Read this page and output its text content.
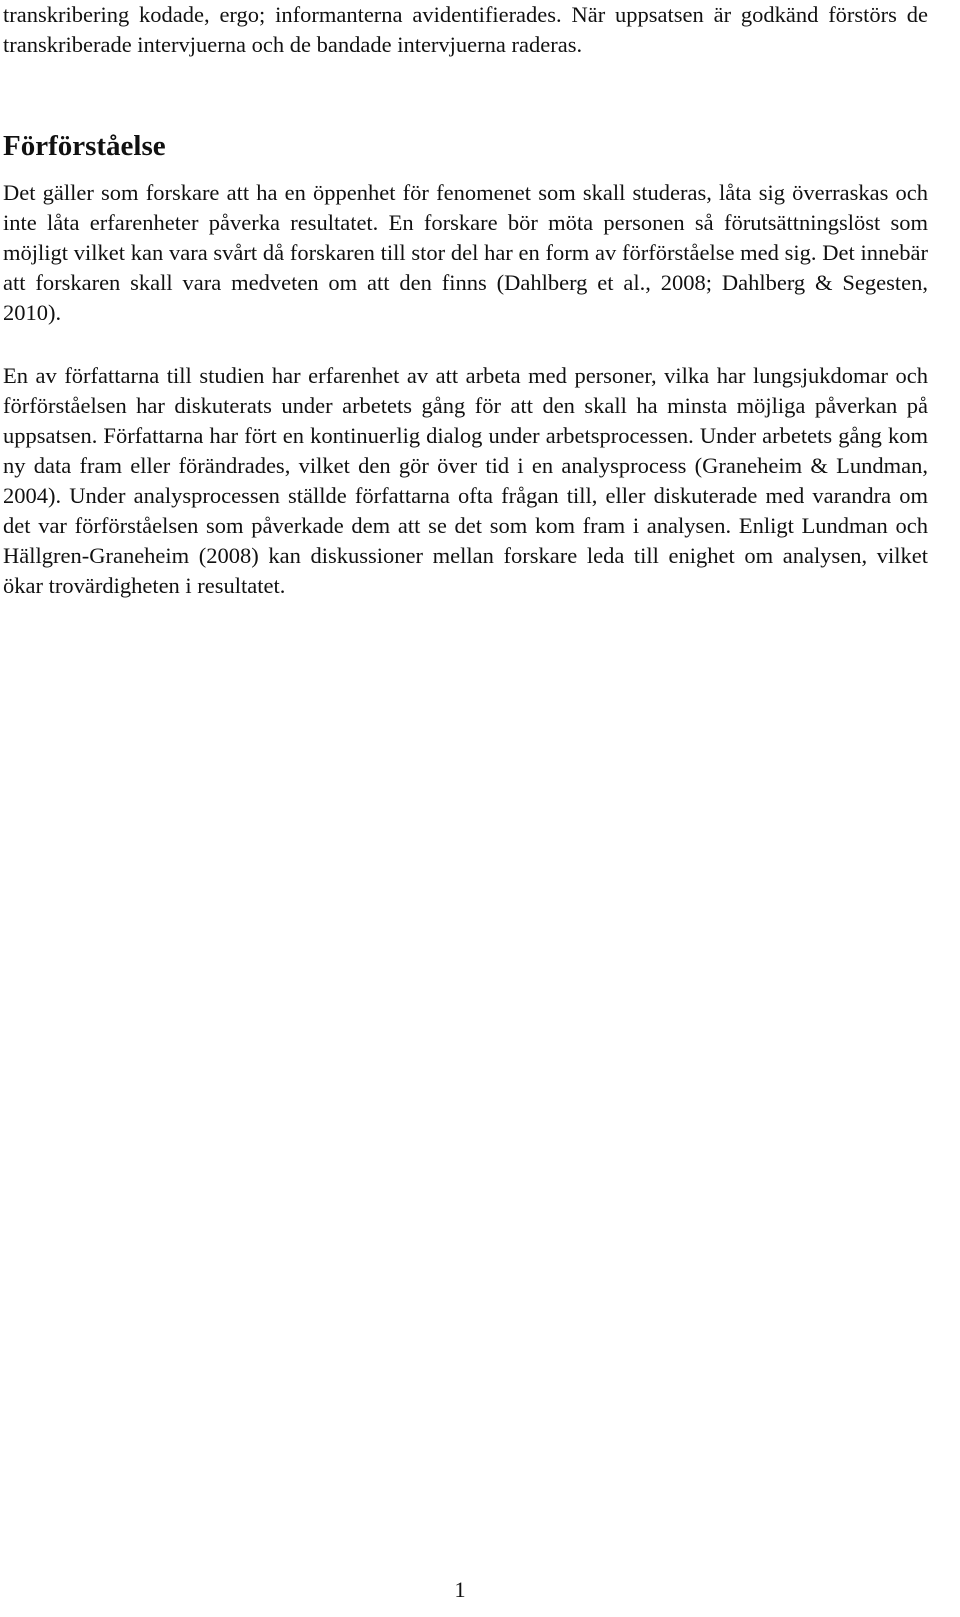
transkribering kodade, ergo; informanterna avidentifierades. När uppsatsen är godkänd förstörs de transkriberade intervjuerna och de bandade intervjuerna raderas.

Förförståelse

Det gäller som forskare att ha en öppenhet för fenomenet som skall studeras, låta sig överraskas och inte låta erfarenheter påverka resultatet. En forskare bör möta personen så förutsättningslöst som möjligt vilket kan vara svårt då forskaren till stor del har en form av förförståelse med sig. Det innebär att forskaren skall vara medveten om att den finns (Dahlberg et al., 2008; Dahlberg & Segesten, 2010).

En av författarna till studien har erfarenhet av att arbeta med personer, vilka har lungsjukdomar och förförståelsen har diskuterats under arbetets gång för att den skall ha minsta möjliga påverkan på uppsatsen. Författarna har fört en kontinuerlig dialog under arbetsprocessen. Under arbetets gång kom ny data fram eller förändrades, vilket den gör över tid i en analysprocess (Graneheim & Lundman, 2004). Under analysprocessen ställde författarna ofta frågan till, eller diskuterade med varandra om det var förförståelsen som påverkade dem att se det som kom fram i analysen. Enligt Lundman och Hällgren-Graneheim (2008) kan diskussioner mellan forskare leda till enighet om analysen, vilket ökar trovärdigheten i resultatet.

1
